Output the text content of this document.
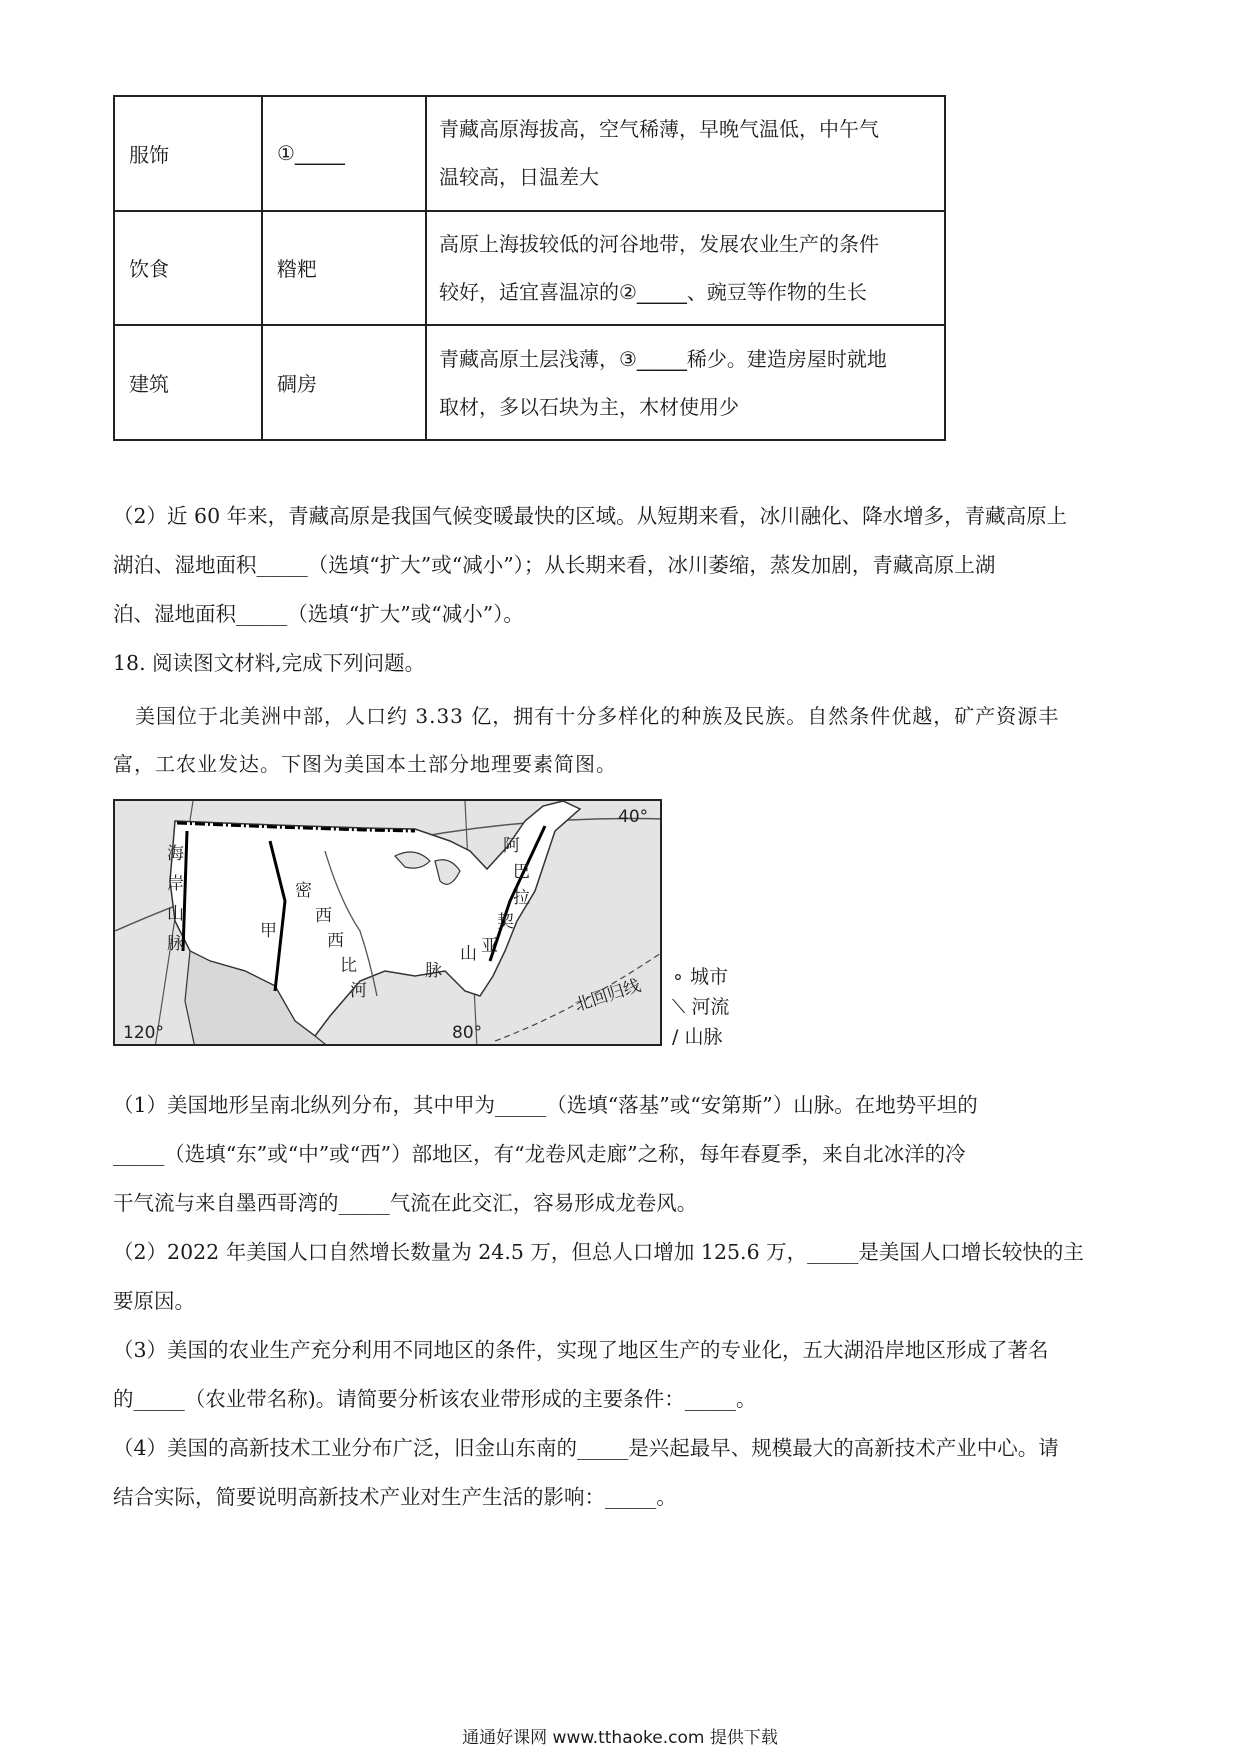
服饰	①_____	青藏高原海拔高，空气稀薄，早晚气温低，中午气
温较高，日温差大

饮食	糌粑	高原上海拔较低的河谷地带，发展农业生产的条件
较好，适宜喜温凉的②_____、豌豆等作物的生长

建筑	碉房	青藏高原土层浅薄，③_____稀少。建造房屋时就地
取材，多以石块为主，木材使用少
（2）近 60 年来，青藏高原是我国气候变暖最快的区域。从短期来看，冰川融化、降水增多，青藏高原上
湖泊、湿地面积_____（选填“扩大”或“减小”）；从长期来看，冰川萎缩，蒸发加剧，青藏高原上湖
泊、湿地面积_____（选填“扩大”或“减小”）。
18. 阅读图文材料,完成下列问题。
美国位于北美洲中部，人口约 3.33 亿，拥有十分多样化的种族及民族。自然条件优越，矿产资源丰
富，工农业发达。下图为美国本土部分地理要素简图。
40°
120°	80°
海
岸
山
脉
甲
密
西
西
比
河
阿
巴
拉
契
亚
山
脉
北回归线 ∘ 城市
⟍ 河流
/ 山脉
（1）美国地形呈南北纵列分布，其中甲为_____（选填“落基”或“安第斯”）山脉。在地势平坦的
_____（选填“东”或“中”或“西”）部地区，有“龙卷风走廊”之称，每年春夏季，来自北冰洋的冷
干气流与来自墨西哥湾的_____气流在此交汇，容易形成龙卷风。
（2）2022 年美国人口自然增长数量为 24.5 万，但总人口增加 125.6 万，_____是美国人口增长较快的主
要原因。
（3）美国的农业生产充分利用不同地区的条件，实现了地区生产的专业化，五大湖沿岸地区形成了著名
的_____（农业带名称)。请简要分析该农业带形成的主要条件：_____。
（4）美国的高新技术工业分布广泛，旧金山东南的_____是兴起最早、规模最大的高新技术产业中心。请
结合实际，简要说明高新技术产业对生产生活的影响：_____。
通通好课网 www.tthaoke.com 提供下载
